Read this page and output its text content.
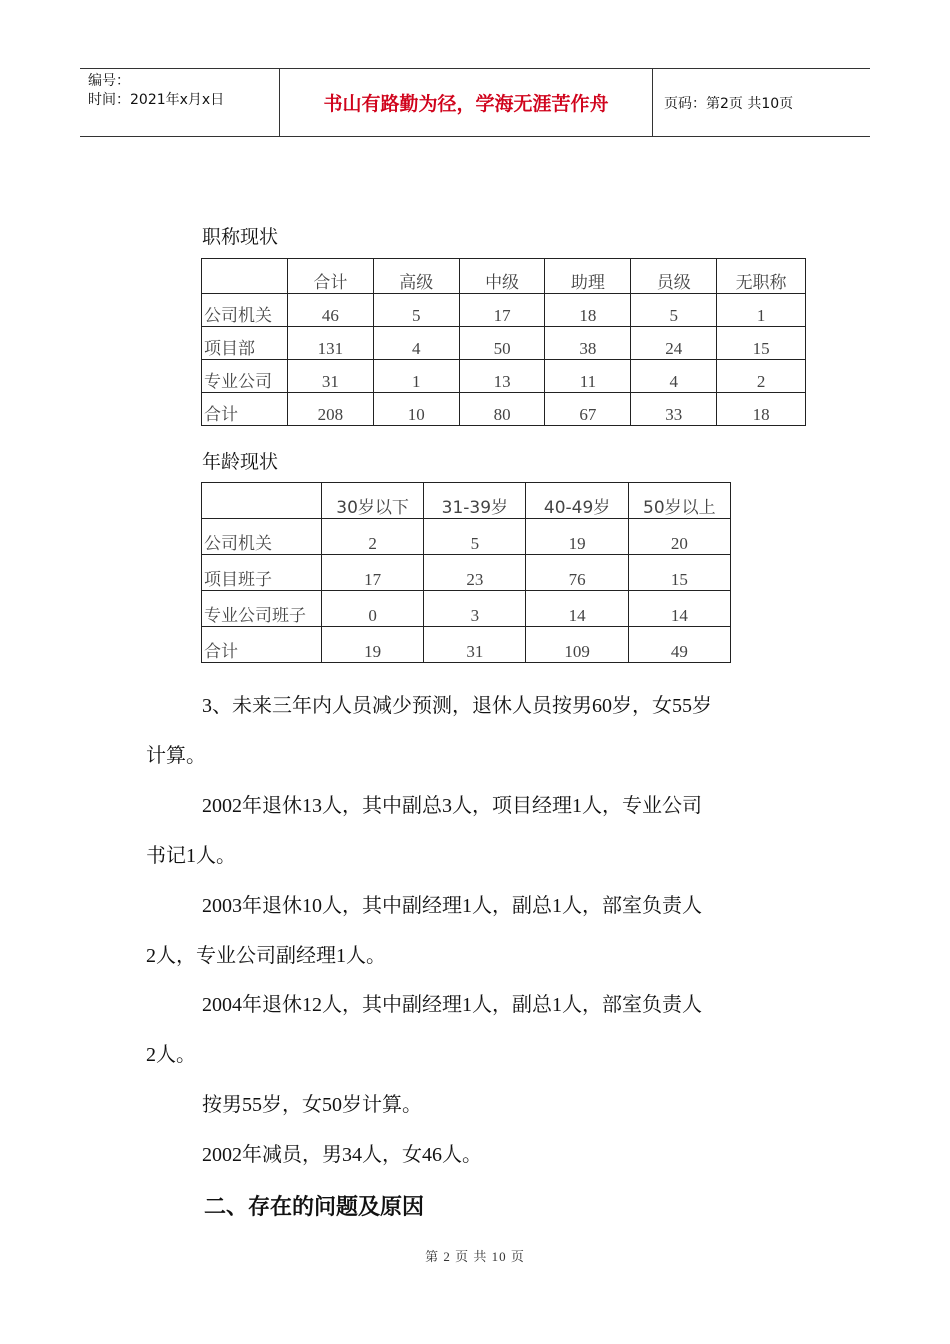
编号：
时间：2021年x月x日	书山有路勤为径，学海无涯苦作舟	页码：第2页 共10页
职称现状
	合计	高级	中级	助理	员级	无职称
公司机关	46	5	17	18	5	1
项目部	131	4	50	38	24	15
专业公司	31	1	13	11	4	2
合计	208	10	80	67	33	18
年龄现状
	30岁以下	31-39岁	40-49岁	50岁以上
公司机关	2	5	19	20
项目班子	17	23	76	15
专业公司班子	0	3	14	14
合计	19	31	109	49
3、未来三年内人员减少预测，退休人员按男60岁，女55岁
计算。
2002年退休13人，其中副总3人，项目经理1人，专业公司
书记1人。
2003年退休10人，其中副经理1人，副总1人，部室负责人
2人，专业公司副经理1人。
2004年退休12人，其中副经理1人，副总1人，部室负责人
2人。
按男55岁，女50岁计算。
2002年减员，男34人，女46人。
二、存在的问题及原因
第 2 页 共 10 页
